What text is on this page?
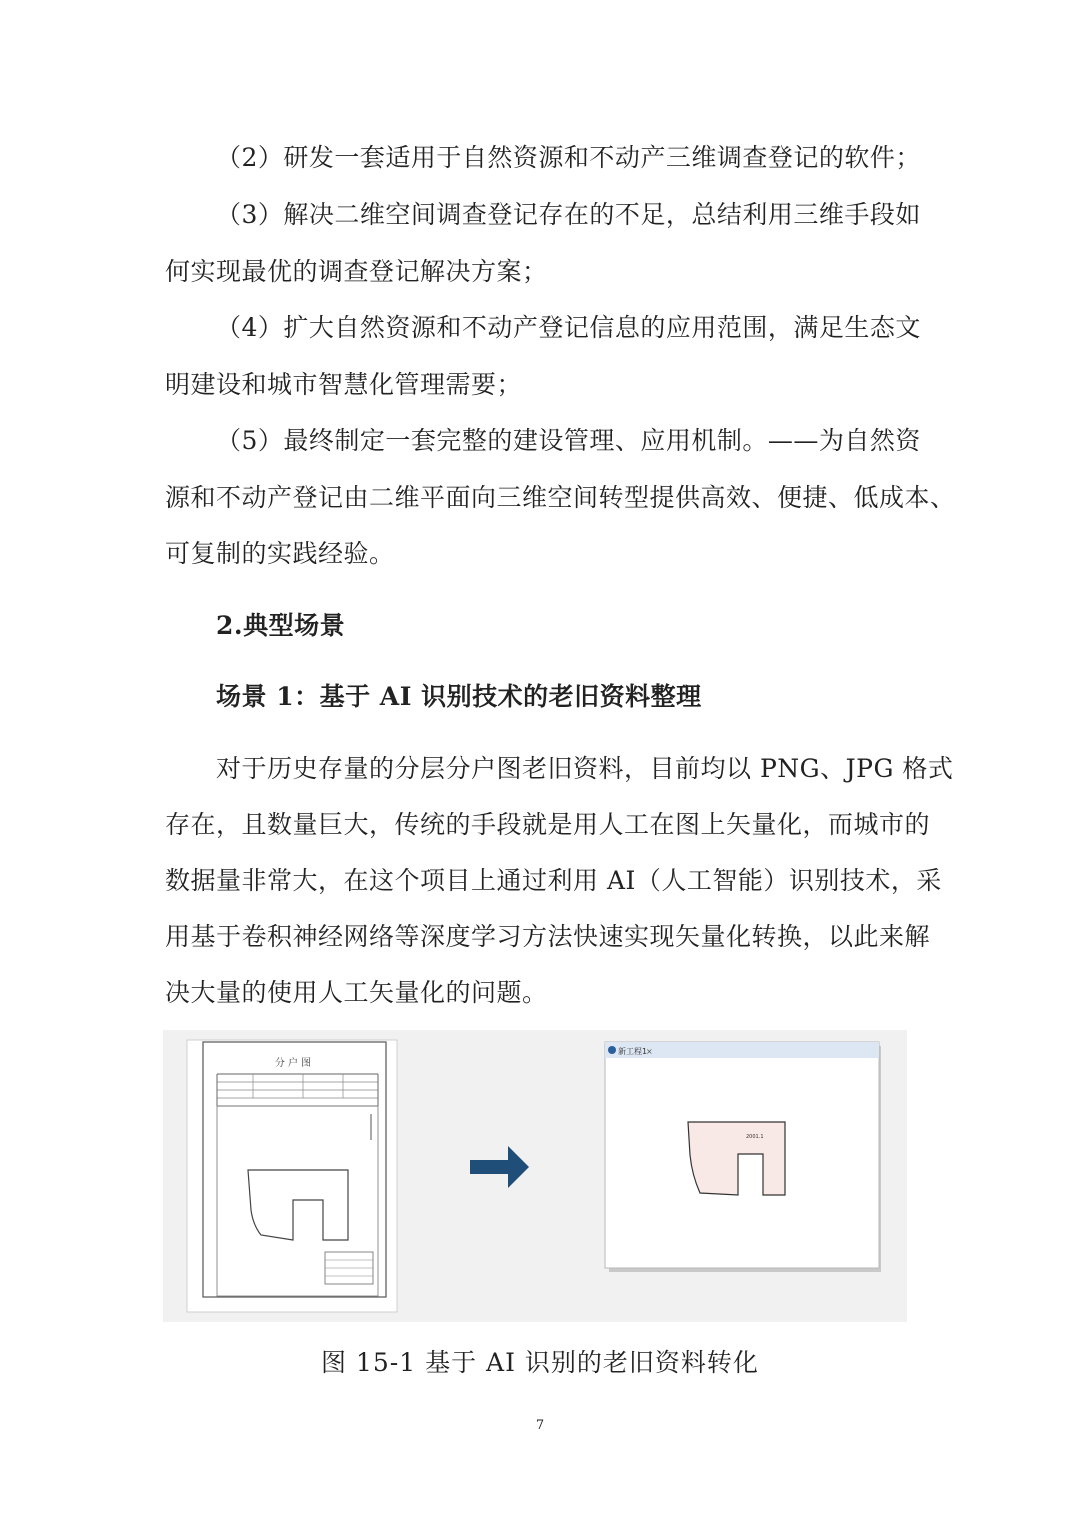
（2）研发一套适用于自然资源和不动产三维调查登记的软件；
（3）解决二维空间调查登记存在的不足，总结利用三维手段如
何实现最优的调查登记解决方案；
（4）扩大自然资源和不动产登记信息的应用范围，满足生态文
明建设和城市智慧化管理需要；
（5）最终制定一套完整的建设管理、应用机制。——为自然资
源和不动产登记由二维平面向三维空间转型提供高效、便捷、低成本、
可复制的实践经验。
2.典型场景
场景 1：基于 AI 识别技术的老旧资料整理
对于历史存量的分层分户图老旧资料，目前均以 PNG、JPG 格式
存在，且数量巨大，传统的手段就是用人工在图上矢量化，而城市的
数据量非常大，在这个项目上通过利用 AI（人工智能）识别技术，采
用基于卷积神经网络等深度学习方法快速实现矢量化转换，以此来解
决大量的使用人工矢量化的问题。
分 户 图
新工程1
×
2001.1
图 15-1 基于 AI 识别的老旧资料转化
7
